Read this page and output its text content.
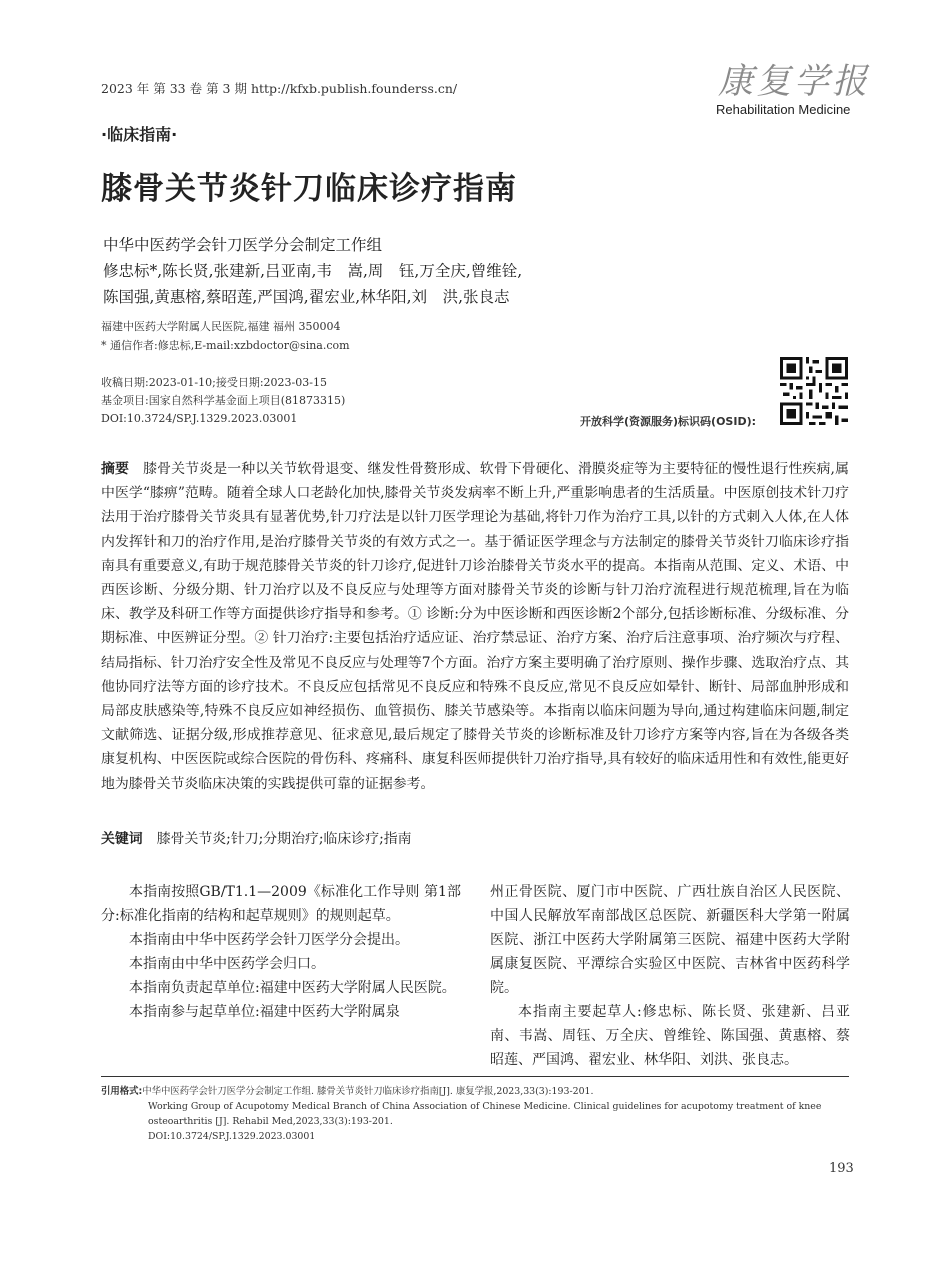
2023 年 第 33 卷 第 3 期 http://kfxb.publish.founderss.cn/	康复学报
Rehabilitation Medicine
·临床指南·
膝骨关节炎针刀临床诊疗指南
中华中医药学会针刀医学分会制定工作组
修忠标*,陈长贤,张建新,吕亚南,韦　嵩,周　钰,万全庆,曾维铨,
陈国强,黄惠榕,蔡昭莲,严国鸿,翟宏业,林华阳,刘　洪,张良志
福建中医药大学附属人民医院,福建 福州 350004
* 通信作者:修忠标,E-mail:xzbdoctor@sina.com
收稿日期:2023-01-10;接受日期:2023-03-15
基金项目:国家自然科学基金面上项目(81873315)
DOI:10.3724/SP.J.1329.2023.03001	开放科学(资源服务)标识码(OSID):
摘要 膝骨关节炎是一种以关节软骨退变、继发性骨赘形成、软骨下骨硬化、滑膜炎症等为主要特征的慢性退行性疾病,属中医学“膝痹”范畴。随着全球人口老龄化加快,膝骨关节炎发病率不断上升,严重影响患者的生活质量。中医原创技术针刀疗法用于治疗膝骨关节炎具有显著优势,针刀疗法是以针刀医学理论为基础,将针刀作为治疗工具,以针的方式刺入人体,在人体内发挥针和刀的治疗作用,是治疗膝骨关节炎的有效方式之一。基于循证医学理念与方法制定的膝骨关节炎针刀临床诊疗指南具有重要意义,有助于规范膝骨关节炎的针刀诊疗,促进针刀诊治膝骨关节炎水平的提高。本指南从范围、定义、术语、中西医诊断、分级分期、针刀治疗以及不良反应与处理等方面对膝骨关节炎的诊断与针刀治疗流程进行规范梳理,旨在为临床、教学及科研工作等方面提供诊疗指导和参考。① 诊断:分为中医诊断和西医诊断2个部分,包括诊断标准、分级标准、分期标准、中医辨证分型。② 针刀治疗:主要包括治疗适应证、治疗禁忌证、治疗方案、治疗后注意事项、治疗频次与疗程、结局指标、针刀治疗安全性及常见不良反应与处理等7个方面。治疗方案主要明确了治疗原则、操作步骤、选取治疗点、其他协同疗法等方面的诊疗技术。不良反应包括常见不良反应和特殊不良反应,常见不良反应如晕针、断针、局部血肿形成和局部皮肤感染等,特殊不良反应如神经损伤、血管损伤、膝关节感染等。本指南以临床问题为导向,通过构建临床问题,制定文献筛选、证据分级,形成推荐意见、征求意见,最后规定了膝骨关节炎的诊断标准及针刀诊疗方案等内容,旨在为各级各类康复机构、中医医院或综合医院的骨伤科、疼痛科、康复科医师提供针刀治疗指导,具有较好的临床适用性和有效性,能更好地为膝骨关节炎临床决策的实践提供可靠的证据参考。
关键词 膝骨关节炎;针刀;分期治疗;临床诊疗;指南

本指南按照GB/T1.1—2009《标准化工作导则 第1部分:标准化指南的结构和起草规则》的规则起草。

本指南由中华中医药学会针刀医学分会提出。

本指南由中华中医药学会归口。

本指南负责起草单位:福建中医药大学附属人民医院。

本指南参与起草单位:福建中医药大学附属泉

州正骨医院、厦门市中医院、广西壮族自治区人民医院、中国人民解放军南部战区总医院、新疆医科大学第一附属医院、浙江中医药大学附属第三医院、福建中医药大学附属康复医院、平潭综合实验区中医院、吉林省中医药科学院。

本指南主要起草人:修忠标、陈长贤、张建新、吕亚南、韦嵩、周钰、万全庆、曾维铨、陈国强、黄惠榕、蔡昭莲、严国鸿、翟宏业、林华阳、刘洪、张良志。

引用格式:中华中医药学会针刀医学分会制定工作组. 膝骨关节炎针刀临床诊疗指南[J]. 康复学报,2023,33(3):193-201.
Working Group of Acupotomy Medical Branch of China Association of Chinese Medicine. Clinical guidelines for acupotomy treatment of knee osteoarthritis [J]. Rehabil Med,2023,33(3):193-201.
DOI:10.3724/SP.J.1329.2023.03001
193
